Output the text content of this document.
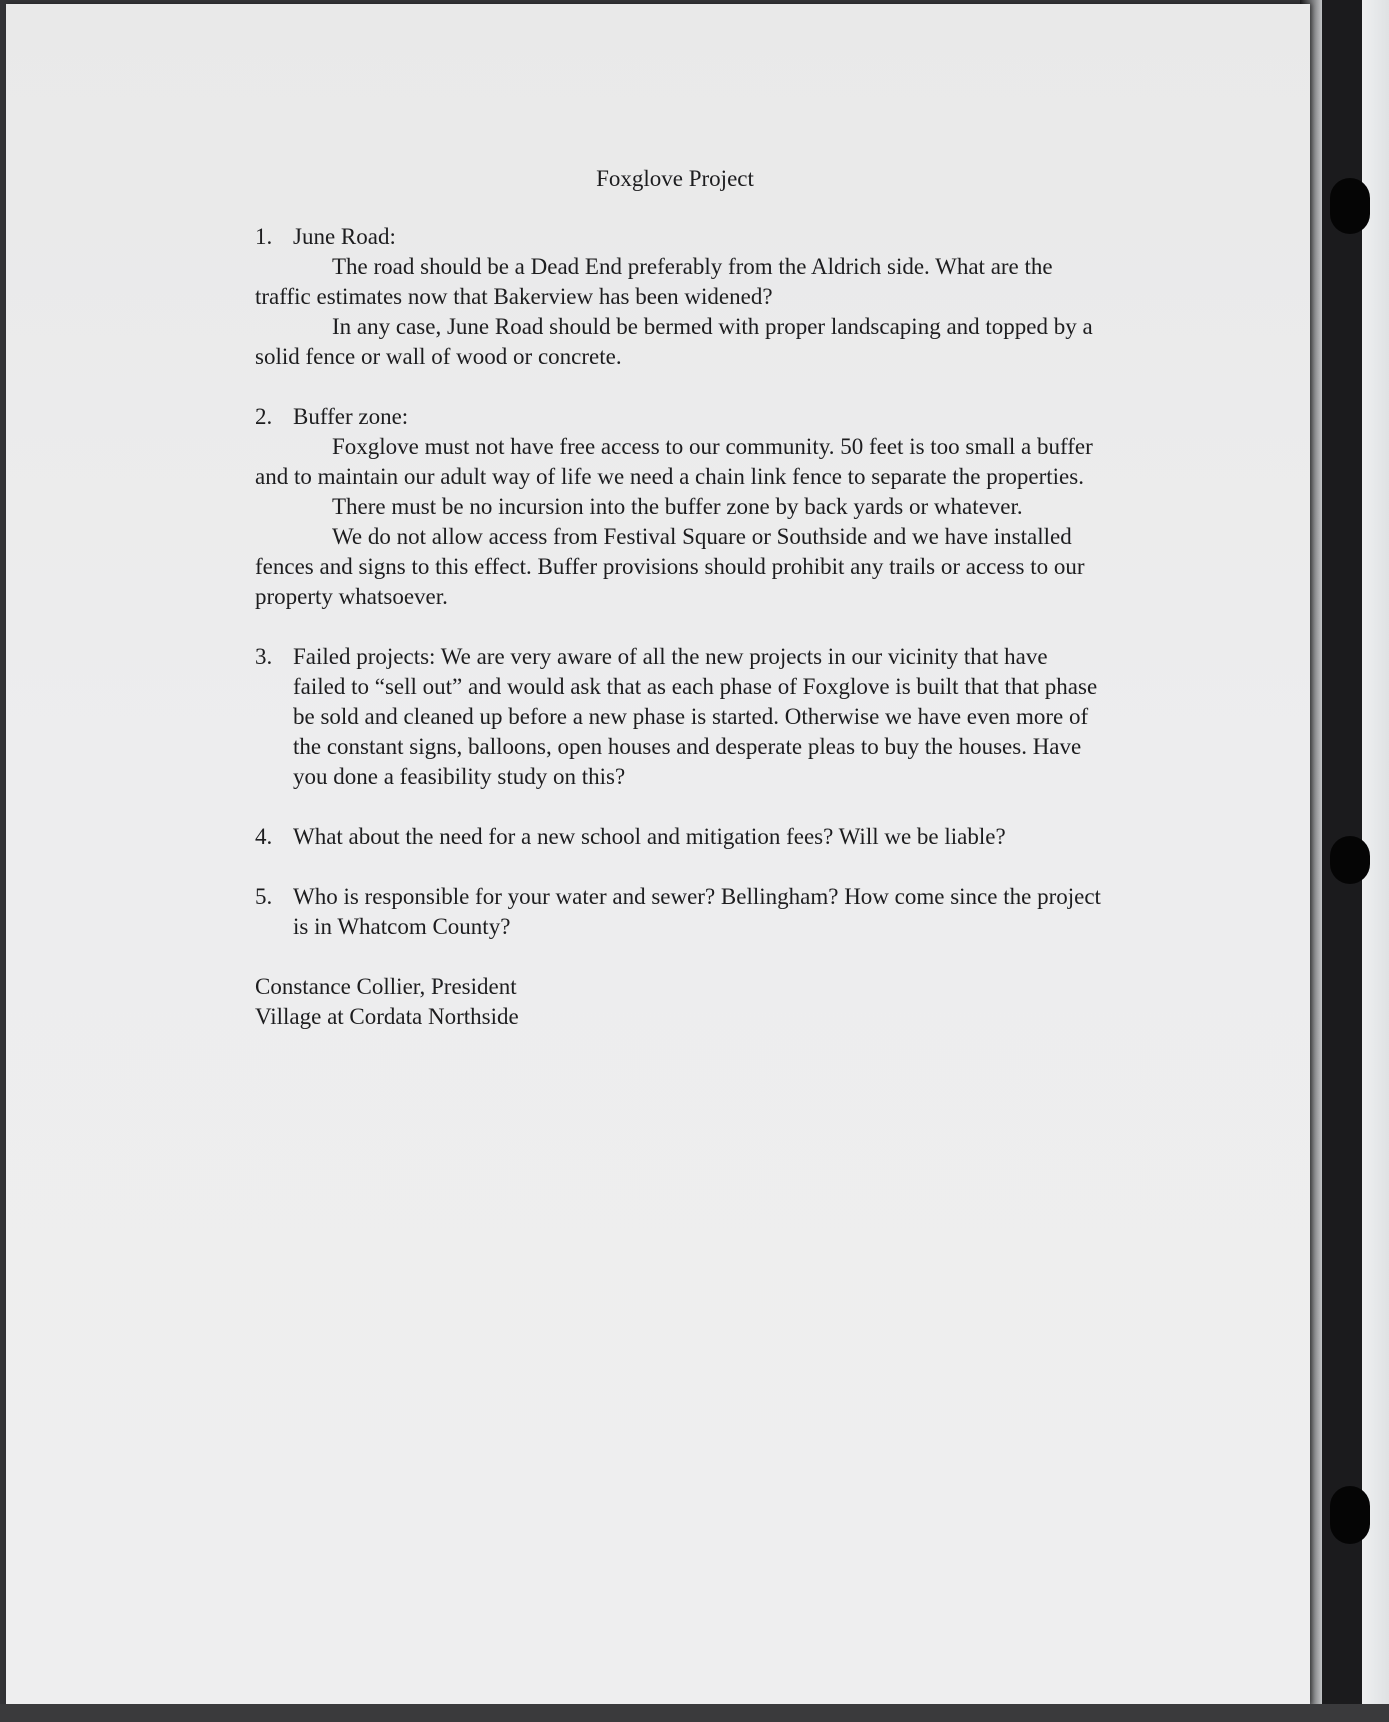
Foxglove Project
1. June Road:
The road should be a Dead End preferably from the Aldrich side. What are the traffic estimates now that Bakerview has been widened?
In any case, June Road should be bermed with proper landscaping and topped by a solid fence or wall of wood or concrete.
2. Buffer zone:
Foxglove must not have free access to our community. 50 feet is too small a buffer and to maintain our adult way of life we need a chain link fence to separate the properties.
There must be no incursion into the buffer zone by back yards or whatever.
We do not allow access from Festival Square or Southside and we have installed fences and signs to this effect. Buffer provisions should prohibit any trails or access to our property whatsoever.
3. Failed projects: We are very aware of all the new projects in our vicinity that have failed to “sell out” and would ask that as each phase of Foxglove is built that that phase be sold and cleaned up before a new phase is started. Otherwise we have even more of the constant signs, balloons, open houses and desperate pleas to buy the houses. Have you done a feasibility study on this?
4. What about the need for a new school and mitigation fees? Will we be liable?
5. Who is responsible for your water and sewer? Bellingham? How come since the project is in Whatcom County?
Constance Collier, President
Village at Cordata Northside
